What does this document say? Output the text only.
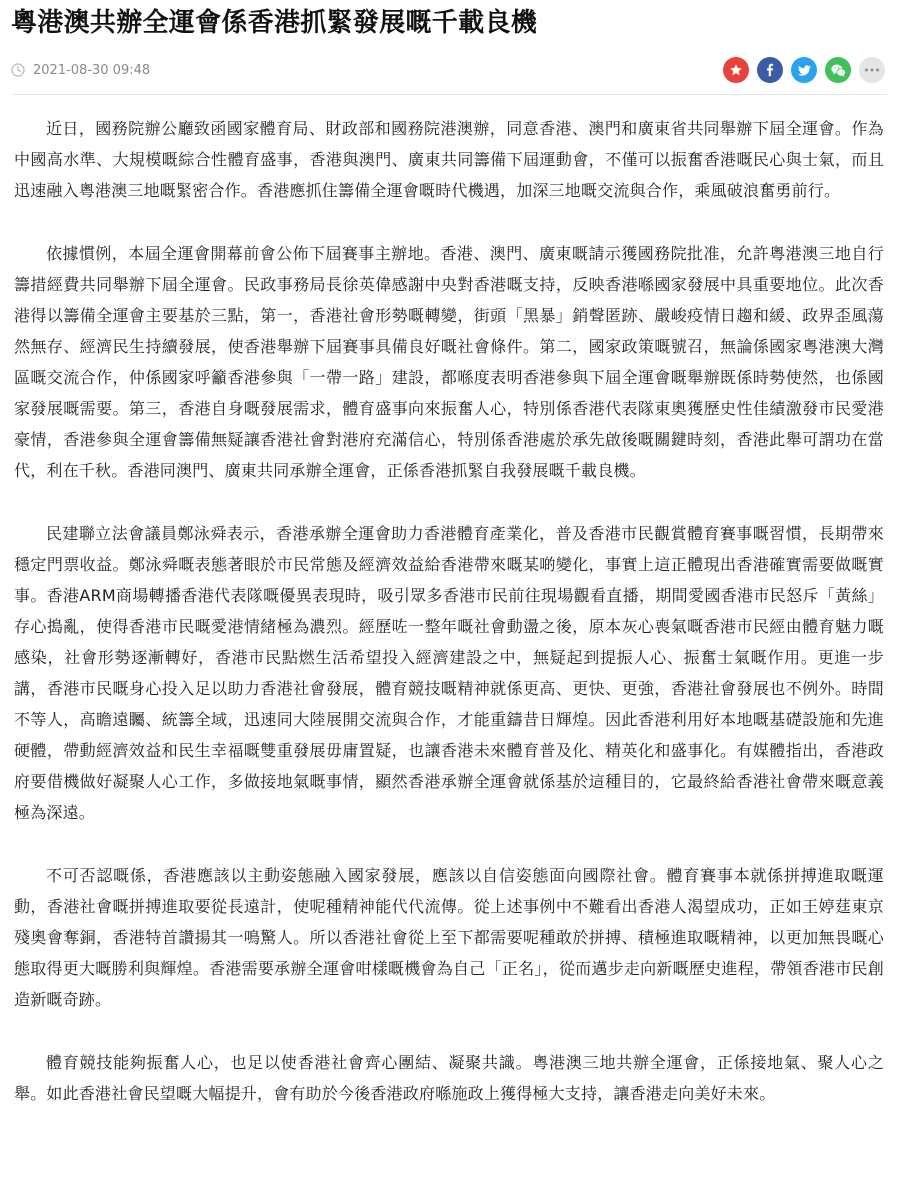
粵港澳共辦全運會係香港抓緊發展嘅千載良機
2021-08-30 09:48

近日，國務院辦公廳致函國家體育局、財政部和國務院港澳辦，同意香港、澳門和廣東省共同舉辦下屆全運會。作為中國高水準、大規模嘅綜合性體育盛事，香港與澳門、廣東共同籌備下屆運動會，不僅可以振奮香港嘅民心與士氣，而且迅速融入粵港澳三地嘅緊密合作。香港應抓住籌備全運會嘅時代機遇，加深三地嘅交流與合作，乘風破浪奮勇前行。

依據慣例，本屆全運會開幕前會公佈下屆賽事主辦地。香港、澳門、廣東嘅請示獲國務院批准，允許粵港澳三地自行籌措經費共同舉辦下屆全運會。民政事務局長徐英偉感謝中央對香港嘅支持，反映香港喺國家發展中具重要地位。此次香港得以籌備全運會主要基於三點，第一，香港社會形勢嘅轉變，街頭「黑暴」銷聲匿跡、嚴峻疫情日趨和緩、政界歪風蕩然無存、經濟民生持續發展，使香港舉辦下屆賽事具備良好嘅社會條件。第二，國家政策嘅號召，無論係國家粵港澳大灣區嘅交流合作，仲係國家呼籲香港參與「一帶一路」建設，都喺度表明香港參與下屆全運會嘅舉辦既係時勢使然，也係國家發展嘅需要。第三，香港自身嘅發展需求，體育盛事向來振奮人心，特別係香港代表隊東奧獲歷史性佳績激發市民愛港豪情，香港參與全運會籌備無疑讓香港社會對港府充滿信心，特別係香港處於承先啟後嘅關鍵時刻，香港此舉可謂功在當代，利在千秋。香港同澳門、廣東共同承辦全運會，正係香港抓緊自我發展嘅千載良機。

民建聯立法會議員鄭泳舜表示，香港承辦全運會助力香港體育產業化，普及香港市民觀賞體育賽事嘅習慣，長期帶來穩定門票收益。鄭泳舜嘅表態著眼於市民常態及經濟效益給香港帶來嘅某啲變化，事實上這正體現出香港確實需要做嘅實事。香港ARM商場轉播香港代表隊嘅優異表現時，吸引眾多香港市民前往現場觀看直播，期間愛國香港市民怒斥「黃絲」存心搗亂，使得香港市民嘅愛港情緒極為濃烈。經歷咗一整年嘅社會動盪之後，原本灰心喪氣嘅香港市民經由體育魅力嘅感染，社會形勢逐漸轉好，香港市民點燃生活希望投入經濟建設之中，無疑起到提振人心、振奮士氣嘅作用。更進一步講，香港市民嘅身心投入足以助力香港社會發展，體育競技嘅精神就係更高、更快、更強，香港社會發展也不例外。時間不等人，高瞻遠矚、統籌全域，迅速同大陸展開交流與合作，才能重鑄昔日輝煌。因此香港利用好本地嘅基礎設施和先進硬體，帶動經濟效益和民生幸福嘅雙重發展毋庸置疑，也讓香港未來體育普及化、精英化和盛事化。有媒體指出，香港政府要借機做好凝聚人心工作，多做接地氣嘅事情，顯然香港承辦全運會就係基於這種目的，它最終給香港社會帶來嘅意義極為深遠。

不可否認嘅係，香港應該以主動姿態融入國家發展，應該以自信姿態面向國際社會。體育賽事本就係拼搏進取嘅運動，香港社會嘅拼搏進取要從長遠計，使呢種精神能代代流傳。從上述事例中不難看出香港人渴望成功，正如王婷莛東京殘奧會奪銅，香港特首讚揚其一鳴驚人。所以香港社會從上至下都需要呢種敢於拼搏、積極進取嘅精神，以更加無畏嘅心態取得更大嘅勝利與輝煌。香港需要承辦全運會咁樣嘅機會為自己「正名」，從而邁步走向新嘅歷史進程，帶領香港市民創造新嘅奇跡。

體育競技能夠振奮人心，也足以使香港社會齊心團結、凝聚共識。粵港澳三地共辦全運會，正係接地氣、聚人心之舉。如此香港社會民望嘅大幅提升，會有助於今後香港政府喺施政上獲得極大支持，讓香港走向美好未來。
